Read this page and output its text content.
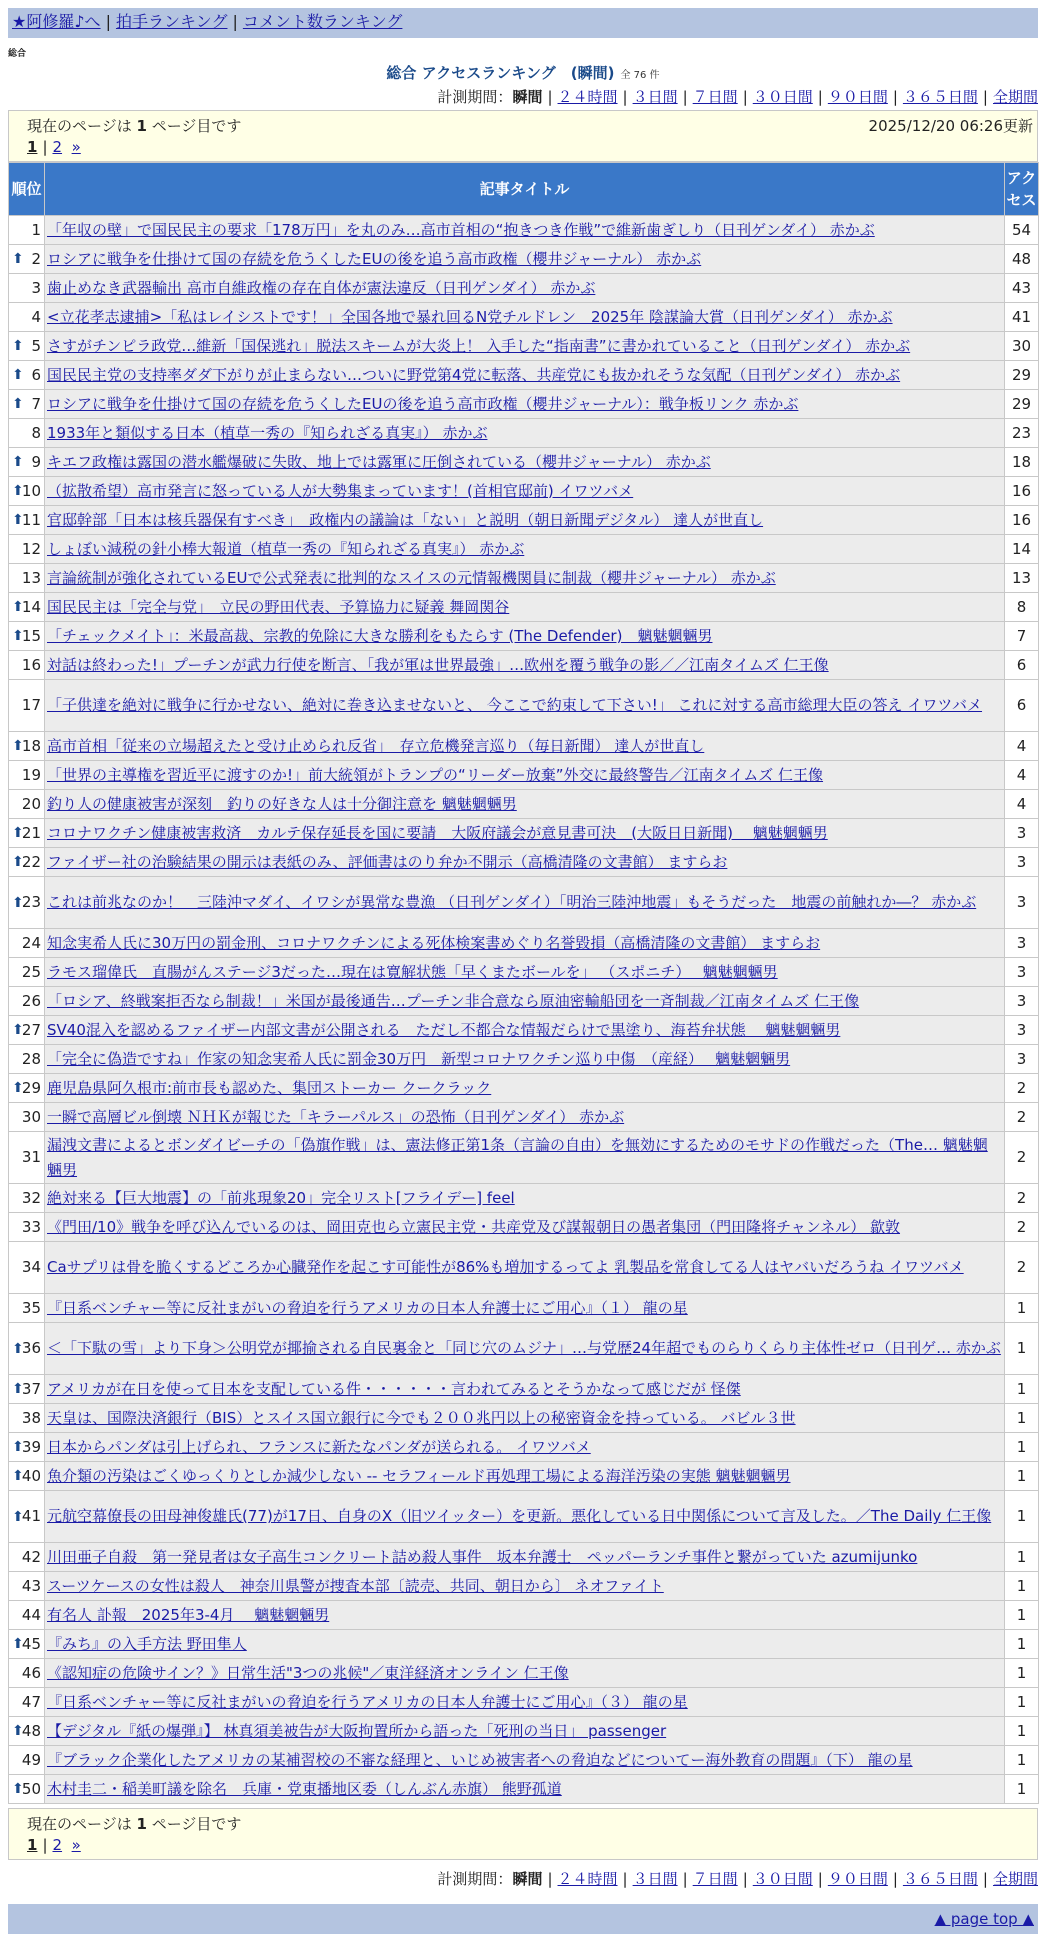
★阿修羅♪へ | 拍手ランキング | コメント数ランキング
総合
総合 アクセスランキング　(瞬間) 全 76 件
計測期間：瞬間 | ２４時間 | ３日間 | ７日間 | ３０日間 | ９０日間 | ３６５日間 | 全期間
現在のページは 1 ページ目です	2025/12/20 06:26更新
1 | 2 »
順位	記事タイトル	アクセス
1	「年収の壁」で国民民主の要求「178万円」を丸のみ…高市首相の“抱きつき作戦”で維新歯ぎしり（日刊ゲンダイ） 赤かぶ	54

⬆ 2	ロシアに戦争を仕掛けて国の存続を危うくしたEUの後を追う高市政権（櫻井ジャーナル） 赤かぶ	48
3	歯止めなき武器輸出 高市自維政権の存在自体が憲法違反（日刊ゲンダイ） 赤かぶ	43
4	<立花孝志逮捕>「私はレイシストです！」全国各地で暴れ回るN党チルドレン　2025年 陰謀論大賞（日刊ゲンダイ） 赤かぶ	41

⬆ 5	さすがチンピラ政党…維新「国保逃れ」脱法スキームが大炎上！ 入手した“指南書”に書かれていること（日刊ゲンダイ） 赤かぶ	30

⬆ 6	国民民主党の支持率ダダ下がりが止まらない…ついに野党第4党に転落、共産党にも抜かれそうな気配（日刊ゲンダイ） 赤かぶ	29

⬆ 7	ロシアに戦争を仕掛けて国の存続を危うくしたEUの後を追う高市政権（櫻井ジャーナル）：戦争板リンク 赤かぶ	29
8	1933年と類似する日本（植草一秀の『知られざる真実』） 赤かぶ	23

⬆ 9	キエフ政権は露国の潜水艦爆破に失敗、地上では露軍に圧倒されている（櫻井ジャーナル） 赤かぶ	18

⬆
10	（拡散希望）高市発言に怒っている人が大勢集まっています！(首相官邸前) イワツバメ	16

⬆
11	官邸幹部「日本は核兵器保有すべき」　政権内の議論は「ない」と説明（朝日新聞デジタル） 達人が世直し	16
12	しょぼい減税の針小棒大報道（植草一秀の『知られざる真実』） 赤かぶ	14
13	言論統制が強化されているEUで公式発表に批判的なスイスの元情報機関員に制裁（櫻井ジャーナル） 赤かぶ	13

⬆
14	国民民主は「完全与党」　立民の野田代表、予算協力に疑義 舞岡関谷	8

⬆
15	「チェックメイト」：米最高裁、宗教的免除に大きな勝利をもたらす (The Defender)　魑魅魍魎男	7
16	対話は終わった!」プーチンが武力行使を断言、「我が軍は世界最強」…欧州を覆う戦争の影／／江南タイムズ 仁王像	6
17	「子供達を絶対に戦争に行かせない、絶対に巻き込ませないと、 今ここで約束して下さい!」 これに対する高市総理大臣の答え イワツバメ	6

⬆
18	高市首相「従来の立場超えたと受け止められ反省」　存立危機発言巡り（毎日新聞） 達人が世直し	4
19	「世界の主導権を習近平に渡すのか!」前大統領がトランプの“リーダー放棄”外交に最終警告／江南タイムズ 仁王像	4
20	釣り人の健康被害が深刻　釣りの好きな人は十分御注意を 魑魅魍魎男	4

⬆
21	コロナワクチン健康被害救済　カルテ保存延長を国に要請　大阪府議会が意見書可決　(大阪日日新聞)　 魑魅魍魎男	3

⬆
22	ファイザー社の治験結果の開示は表紙のみ、評価書はのり弁か不開示（高橋清隆の文書館） ますらお	3

⬆
23	これは前兆なのか！　三陸沖マダイ、イワシが異常な豊漁 （日刊ゲンダイ）「明治三陸沖地震」もそうだった　地震の前触れか―？ 赤かぶ	3
24	知念実希人氏に30万円の罰金刑、コロナワクチンによる死体検案書めぐり名誉毀損（高橋清隆の文書館） ますらお	3
25	ラモス瑠偉氏　直腸がんステージ3だった…現在は寛解状態「早くまたボールを」 （スポニチ）　 魑魅魍魎男	3
26	「ロシア、終戦案拒否なら制裁！」米国が最後通告…プーチン非合意なら原油密輸船団を一斉制裁／江南タイムズ 仁王像	3

⬆
27	SV40混入を認めるファイザー内部文書が公開される　ただし不都合な情報だらけで黒塗り、海苔弁状態　 魑魅魍魎男	3
28	「完全に偽造ですね」作家の知念実希人氏に罰金30万円　新型コロナワクチン巡り中傷　（産経）　 魑魅魍魎男	3

⬆
29	鹿児島県阿久根市:前市長も認めた、集団ストーカー クークラック	2
30	一瞬で高層ビル倒壊 ＮＨＫが報じた「キラーパルス」の恐怖（日刊ゲンダイ） 赤かぶ	2
31	漏洩文書によるとボンダイビーチの「偽旗作戦」は、憲法修正第1条（言論の自由）を無効にするためのモサドの作戦だった（The… 魑魅魍魎男	2
32	絶対来る【巨大地震】の「前兆現象20」完全リスト[フライデー] feel	2
33	《門田/10》戦争を呼び込んでいるのは、岡田克也ら立憲民主党・共産党及び謀報朝日の愚者集団（門田隆将チャンネル） 歙敦	2
34	Caサプリは骨を脆くするどころか心臓発作を起こす可能性が86%も増加するってよ 乳製品を常食してる人はヤバいだろうね イワツバメ	2
35	『日系ベンチャー等に反社まがいの脅迫を行うアメリカの日本人弁護士にご用心』（１） 龍の星	1

⬆
36	＜「下駄の雪」より下身＞公明党が揶揄される自民裏金と「同じ穴のムジナ」…与党歴24年超でものらりくらり主体性ゼロ（日刊ゲ… 赤かぶ	1

⬆
37	アメリカが在日を使って日本を支配している件・・・・・・言われてみるとそうかなって感じだが 怪傑	1
38	天皇は、国際決済銀行（BIS）とスイス国立銀行に今でも２００兆円以上の秘密資金を持っている。 バビル３世	1

⬆
39	日本からパンダは引上げられ、フランスに新たなパンダが送られる。 イワツバメ	1

⬆
40	魚介類の汚染はごくゆっくりとしか減少しない -- セラフィールド再処理工場による海洋汚染の実態 魑魅魍魎男	1

⬆
41	元航空幕僚長の田母神俊雄氏(77)が17日、自身のX（旧ツイッター）を更新。悪化している日中関係について言及した。／The Daily 仁王像	1
42	川田亜子自殺　第一発見者は女子高生コンクリート詰め殺人事件　坂本弁護士　ペッパーランチ事件と繋がっていた azumijunko	1
43	スーツケースの女性は殺人　神奈川県警が捜査本部〔読売、共同、朝日から〕 ネオファイト	1
44	有名人 訃報　2025年3-4月　 魑魅魍魎男	1

⬆
45	『みち』の入手方法 野田隼人	1
46	《認知症の危険サイン？》日常生活"3つの兆候"／東洋経済オンライン 仁王像	1
47	『日系ベンチャー等に反社まがいの脅迫を行うアメリカの日本人弁護士にご用心』（３） 龍の星	1

⬆
48	【デジタル『紙の爆弾』】 林真須美被告が大阪拘置所から語った「死刑の当日」 passenger	1
49	『ブラック企業化したアメリカの某補習校の不審な経理と、いじめ被害者への脅迫などについてー海外教育の問題』（下） 龍の星	1

⬆
50	木村圭二・稲美町議を除名　兵庫・党東播地区委（しんぶん赤旗） 熊野孤道	1
現在のページは 1 ページ目です
1 | 2 »
計測期間：瞬間 | ２４時間 | ３日間 | ７日間 | ３０日間 | ９０日間 | ３６５日間 | 全期間
▲ page top ▲
